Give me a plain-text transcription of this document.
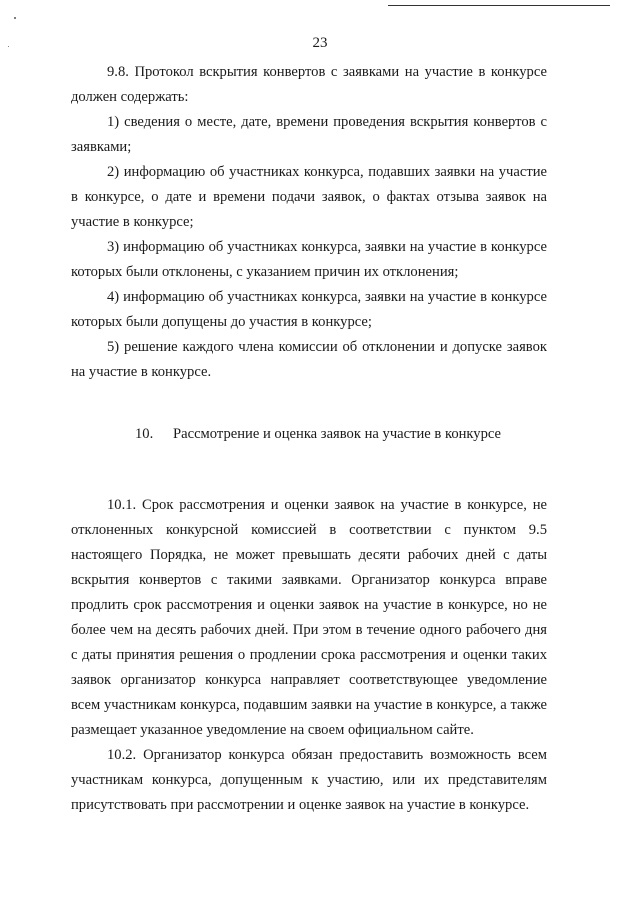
23

9.8. Протокол вскрытия конвертов с заявками на участие в конкурсе должен содержать:

1) сведения о месте, дате, времени проведения вскрытия конвертов с заявками;

2) информацию об участниках конкурса, подавших заявки на участие в конкурсе, о дате и времени подачи заявок, о фактах отзыва заявок на участие в конкурсе;

3) информацию об участниках конкурса, заявки на участие в конкурсе которых были отклонены, с указанием причин их отклонения;

4) информацию об участниках конкурса, заявки на участие в конкурсе которых были допущены до участия в конкурсе;

5) решение каждого члена комиссии об отклонении и допуске заявок на участие в конкурсе.

10. Рассмотрение и оценка заявок на участие в конкурсе

10.1. Срок рассмотрения и оценки заявок на участие в конкурсе, не отклоненных конкурсной комиссией в соответствии с пунктом 9.5 настоящего Порядка, не может превышать десяти рабочих дней с даты вскрытия конвертов с такими заявками. Организатор конкурса вправе продлить срок рассмотрения и оценки заявок на участие в конкурсе, но не более чем на десять рабочих дней. При этом в течение одного рабочего дня с даты принятия решения о продлении срока рассмотрения и оценки таких заявок организатор конкурса направляет соответствующее уведомление всем участникам конкурса, подавшим заявки на участие в конкурсе, а также размещает указанное уведомление на своем официальном сайте.

10.2. Организатор конкурса обязан предоставить возможность всем участникам конкурса, допущенным к участию, или их представителям присутствовать при рассмотрении и оценке заявок на участие в конкурсе.
